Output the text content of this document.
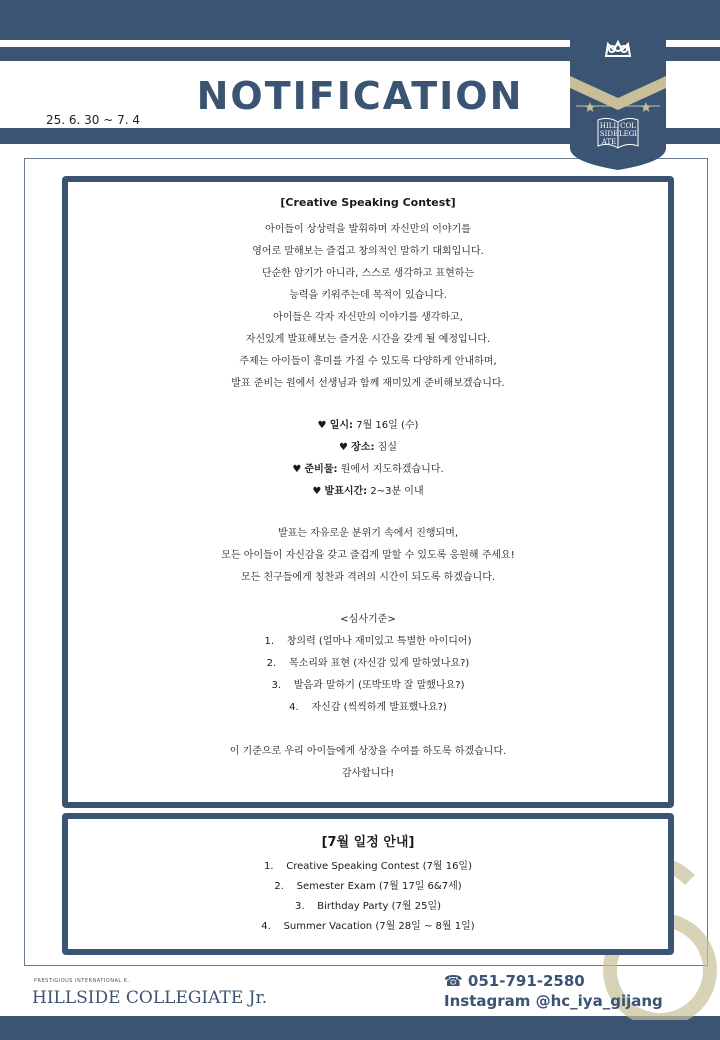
NOTIFICATION
25. 6. 30 ~ 7. 4	HILL
SIDE
ATE
COL
LEGI
[Creative Speaking Contest]
아이들이 상상력을 발휘하며 자신만의 이야기를
영어로 말해보는 즐겁고 창의적인 말하기 대회입니다.
단순한 암기가 아니라, 스스로 생각하고 표현하는
능력을 키워주는데 목적이 있습니다.
아이들은 각자 자신만의 이야기를 생각하고,
자신있게 발표해보는 즐거운 시간을 갖게 될 예정입니다.
주제는 아이들이 흥미를 가질 수 있도록 다양하게 안내하며,
발표 준비는 원에서 선생님과 함께 재미있게 준비해보겠습니다.
♥ 일시: 7월 16일 (수)
♥ 장소: 짐실
♥ 준비물: 원에서 지도하겠습니다.
♥ 발표시간: 2~3분 이내
발표는 자유로운 분위기 속에서 진행되며,
모든 아이들이 자신감을 갖고 즐겁게 말할 수 있도록 응원해 주세요!
모든 친구들에게 칭찬과 격려의 시간이 되도록 하겠습니다.
<심사기준>
1. 창의력 (얼마나 재미있고 특별한 아이디어)
2. 목소리와 표현 (자신감 있게 말하였나요?)
3. 발음과 말하기 (또박또박 잘 말했나요?)
4. 자신감 (씩씩하게 발표했나요?)
이 기준으로 우리 아이들에게 상장을 수여를 하도록 하겠습니다.
감사합니다!
[7월 일정 안내]
1. Creative Speaking Contest (7월 16일)
2. Semester Exam (7월 17일 6&7세)
3. Birthday Party (7월 25일)
4. Summer Vacation (7월 28일 ~ 8월 1일)
PRESTIGIOUS INTERNATIONAL K.
HILLSIDE COLLEGIATE Jr.
☎ 051-791-2580
Instagram @hc_iya_gijang
